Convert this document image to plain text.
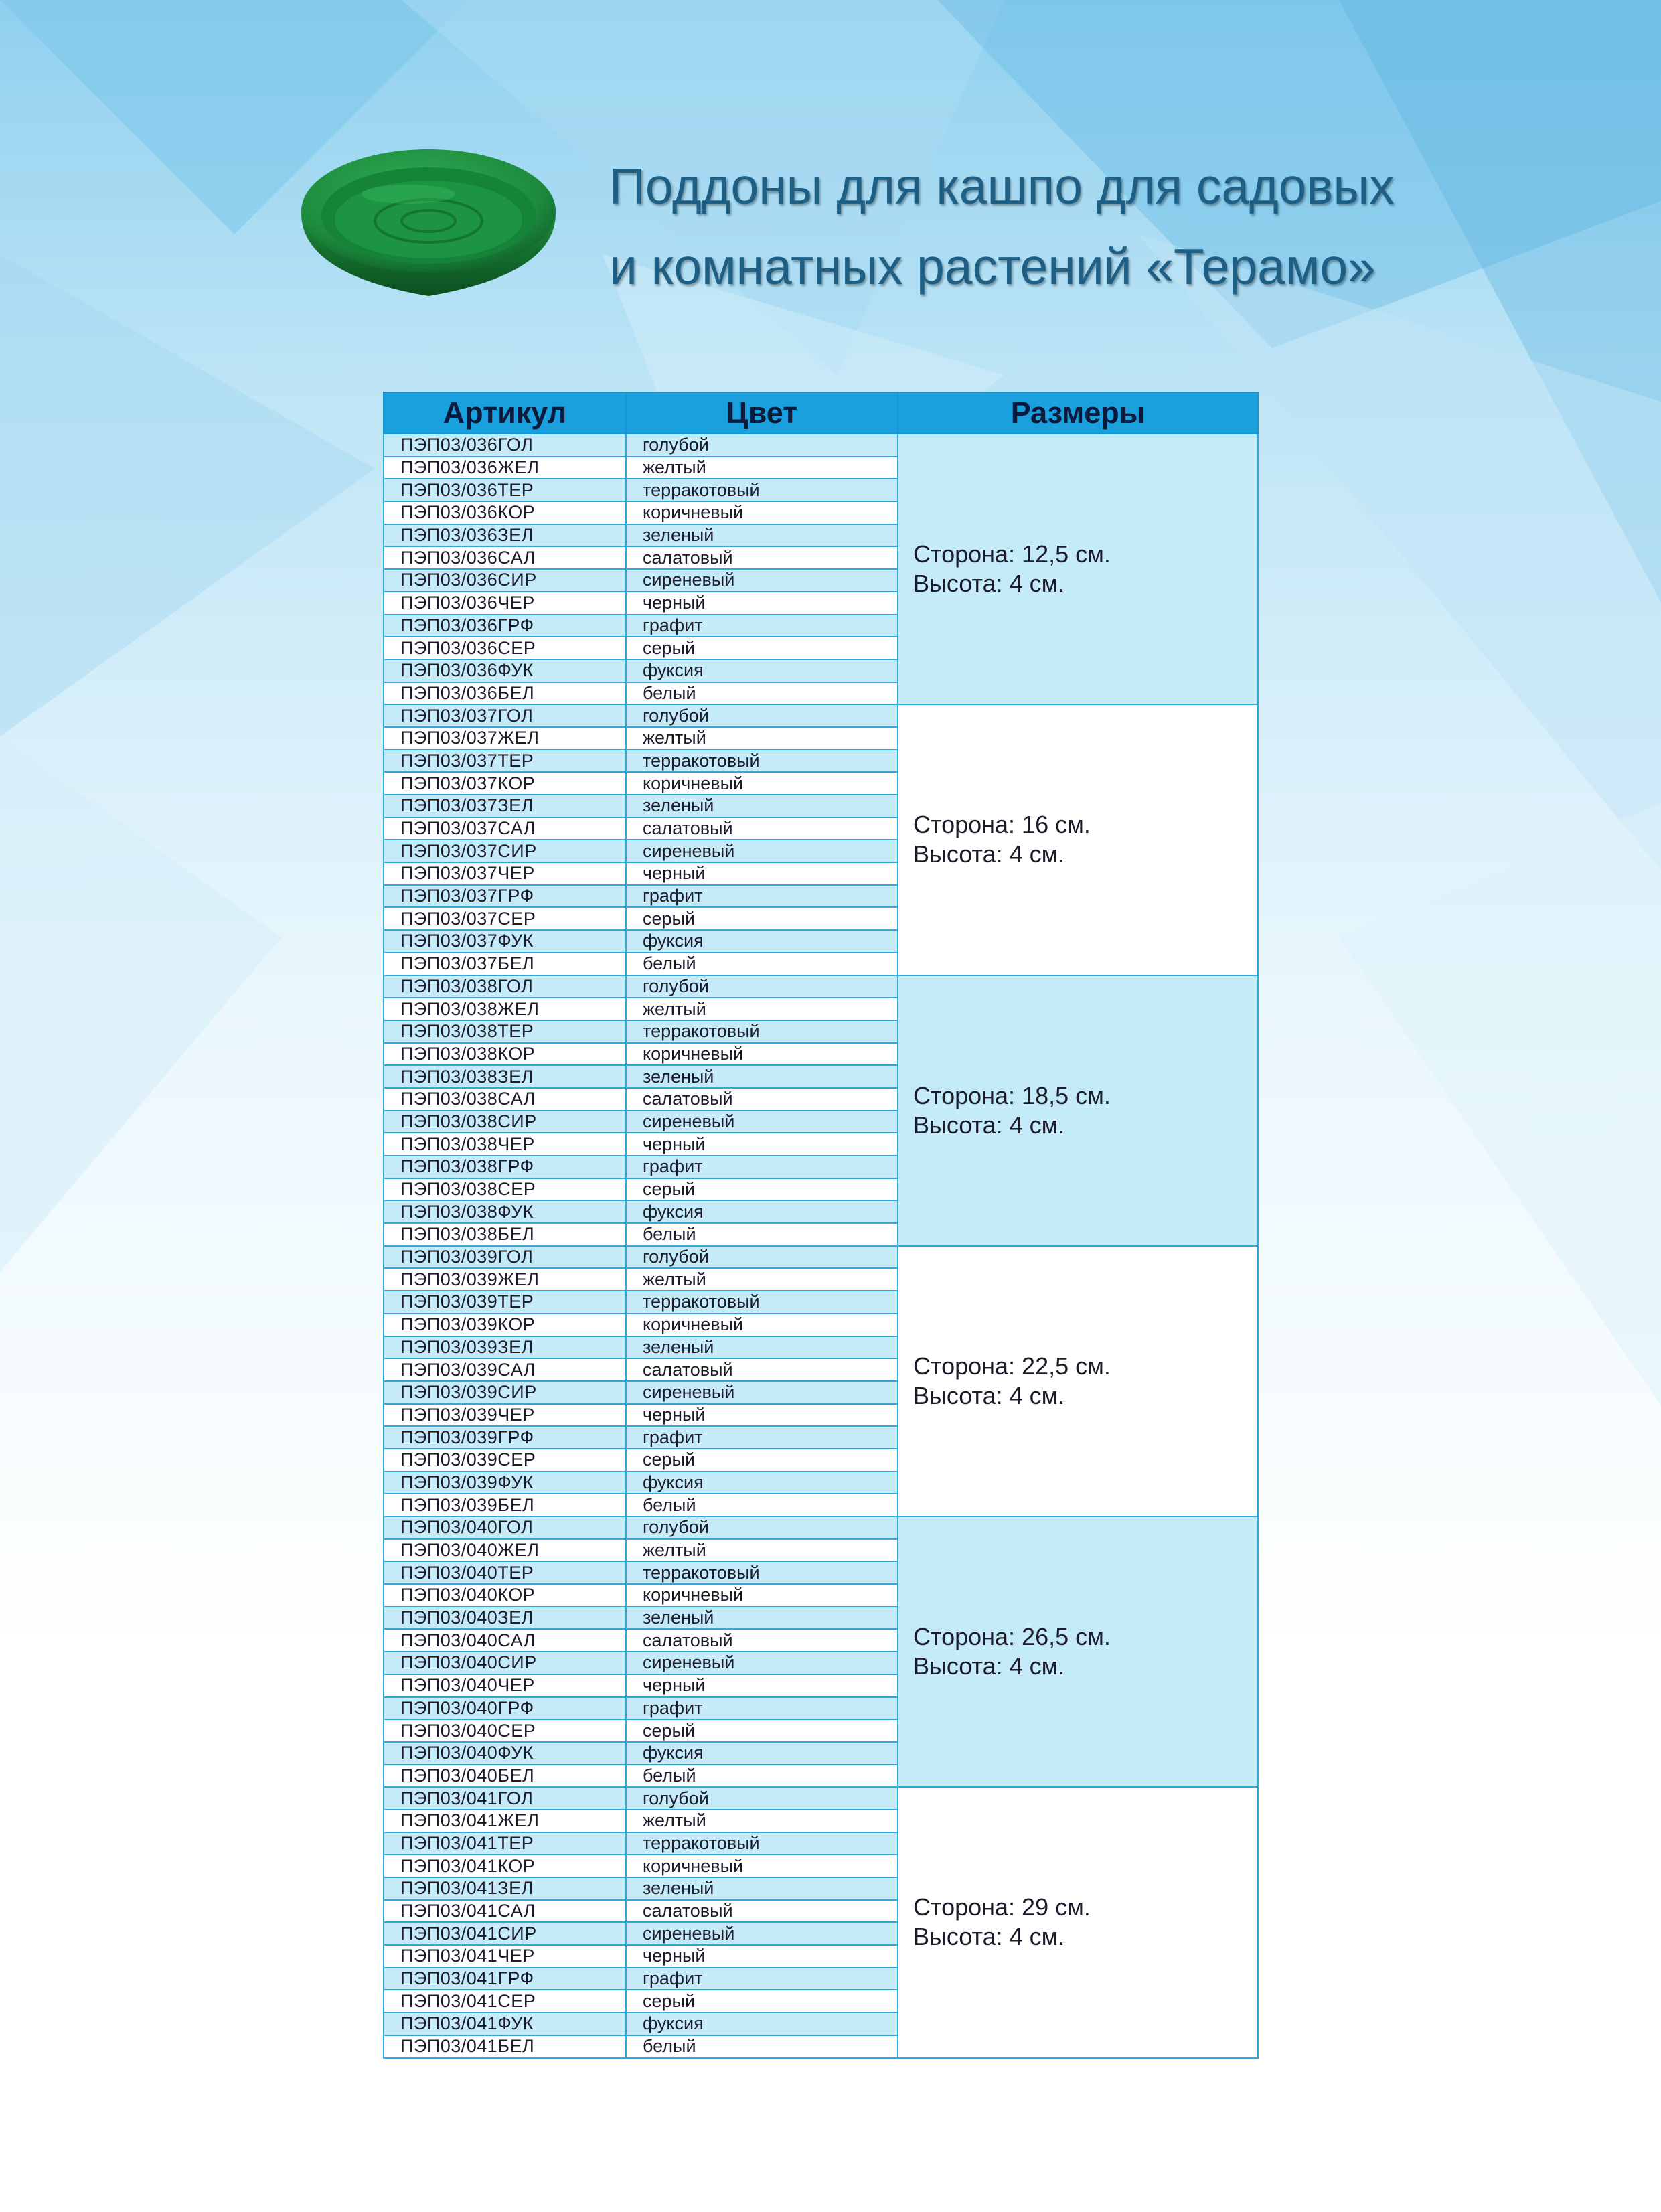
Поддоны для кашпо для садовых
и комнатных растений «Терамо»
Артикул	Цвет	Размеры
ПЭП03/036ГОЛ	голубой	Сторона: 12,5 см.
Высота: 4 см.

ПЭП03/036ЖЕЛ	желтый	
ПЭП03/036ТЕР	терракотовый	
ПЭП03/036КОР	коричневый	
ПЭП03/036ЗЕЛ	зеленый	
ПЭП03/036САЛ	салатовый	
ПЭП03/036СИР	сиреневый	
ПЭП03/036ЧЕР	черный	
ПЭП03/036ГРФ	графит	
ПЭП03/036СЕР	серый	
ПЭП03/036ФУК	фуксия	
ПЭП03/036БЕЛ	белый	
ПЭП03/037ГОЛ	голубой	Сторона: 16 см.
Высота: 4 см.

ПЭП03/037ЖЕЛ	желтый	
ПЭП03/037ТЕР	терракотовый	
ПЭП03/037КОР	коричневый	
ПЭП03/037ЗЕЛ	зеленый	
ПЭП03/037САЛ	салатовый	
ПЭП03/037СИР	сиреневый	
ПЭП03/037ЧЕР	черный	
ПЭП03/037ГРФ	графит	
ПЭП03/037СЕР	серый	
ПЭП03/037ФУК	фуксия	
ПЭП03/037БЕЛ	белый	
ПЭП03/038ГОЛ	голубой	Сторона: 18,5 см.
Высота: 4 см.

ПЭП03/038ЖЕЛ	желтый	
ПЭП03/038ТЕР	терракотовый	
ПЭП03/038КОР	коричневый	
ПЭП03/038ЗЕЛ	зеленый	
ПЭП03/038САЛ	салатовый	
ПЭП03/038СИР	сиреневый	
ПЭП03/038ЧЕР	черный	
ПЭП03/038ГРФ	графит	
ПЭП03/038СЕР	серый	
ПЭП03/038ФУК	фуксия	
ПЭП03/038БЕЛ	белый	
ПЭП03/039ГОЛ	голубой	Сторона: 22,5 см.
Высота: 4 см.

ПЭП03/039ЖЕЛ	желтый	
ПЭП03/039ТЕР	терракотовый	
ПЭП03/039КОР	коричневый	
ПЭП03/039ЗЕЛ	зеленый	
ПЭП03/039САЛ	салатовый	
ПЭП03/039СИР	сиреневый	
ПЭП03/039ЧЕР	черный	
ПЭП03/039ГРФ	графит	
ПЭП03/039СЕР	серый	
ПЭП03/039ФУК	фуксия	
ПЭП03/039БЕЛ	белый	
ПЭП03/040ГОЛ	голубой	Сторона: 26,5 см.
Высота: 4 см.

ПЭП03/040ЖЕЛ	желтый	
ПЭП03/040ТЕР	терракотовый	
ПЭП03/040КОР	коричневый	
ПЭП03/040ЗЕЛ	зеленый	
ПЭП03/040САЛ	салатовый	
ПЭП03/040СИР	сиреневый	
ПЭП03/040ЧЕР	черный	
ПЭП03/040ГРФ	графит	
ПЭП03/040СЕР	серый	
ПЭП03/040ФУК	фуксия	
ПЭП03/040БЕЛ	белый	
ПЭП03/041ГОЛ	голубой	Сторона: 29 см.
Высота: 4 см.

ПЭП03/041ЖЕЛ	желтый	
ПЭП03/041ТЕР	терракотовый	
ПЭП03/041КОР	коричневый	
ПЭП03/041ЗЕЛ	зеленый	
ПЭП03/041САЛ	салатовый	
ПЭП03/041СИР	сиреневый	
ПЭП03/041ЧЕР	черный	
ПЭП03/041ГРФ	графит	
ПЭП03/041СЕР	серый	
ПЭП03/041ФУК	фуксия	
ПЭП03/041БЕЛ	белый	
